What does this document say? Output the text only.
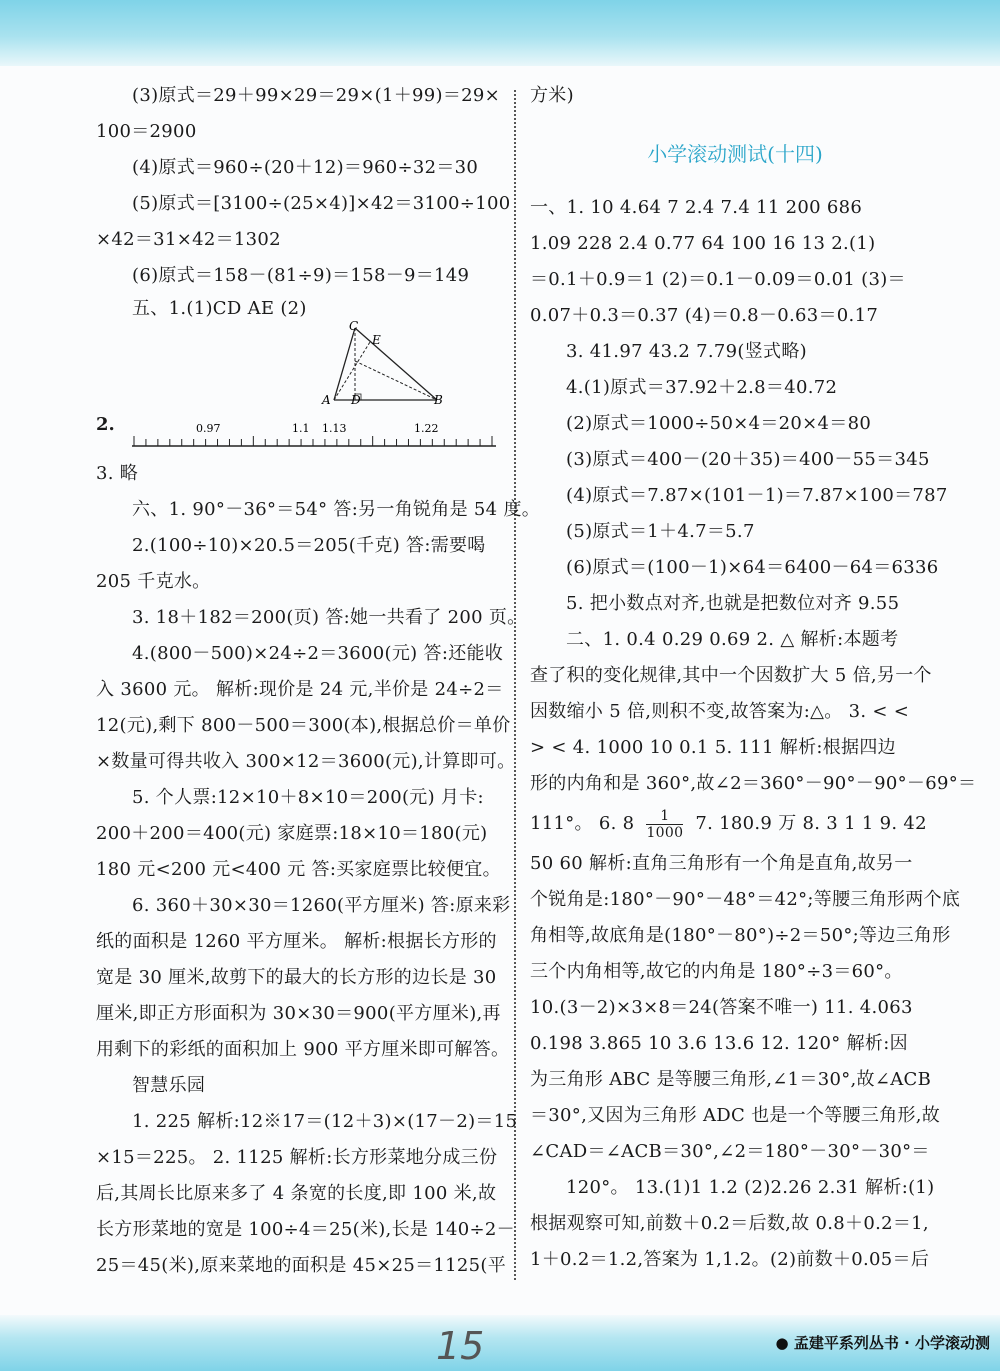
(3)原式＝29＋99×29＝29×(1＋99)＝29×
100＝2900
(4)原式＝960÷(20＋12)＝960÷32＝30
(5)原式＝[3100÷(25×4)]×42＝3100÷100
×42＝31×42＝1302
(6)原式＝158－(81÷9)＝158－9＝149
五、1.(1)CD AE (2)
C
E
A D	B
2.	0.97	1.1 1.13	1.22
3. 略
六、1. 90°－36°＝54° 答:另一角锐角是 54 度。
2.(100÷10)×20.5＝205(千克) 答:需要喝
205 千克水。
3. 18＋182＝200(页) 答:她一共看了 200 页。
4.(800－500)×24÷2＝3600(元) 答:还能收
入 3600 元。 解析:现价是 24 元,半价是 24÷2＝
12(元),剩下 800－500＝300(本),根据总价＝单价
×数量可得共收入 300×12＝3600(元),计算即可。
5. 个人票:12×10＋8×10＝200(元) 月卡:
200＋200＝400(元) 家庭票:18×10＝180(元)
180 元<200 元<400 元 答:买家庭票比较便宜。
6. 360＋30×30＝1260(平方厘米) 答:原来彩
纸的面积是 1260 平方厘米。 解析:根据长方形的
宽是 30 厘米,故剪下的最大的长方形的边长是 30
厘米,即正方形面积为 30×30＝900(平方厘米),再
用剩下的彩纸的面积加上 900 平方厘米即可解答。
智慧乐园
1. 225 解析:12※17＝(12＋3)×(17－2)＝15
×15＝225。 2. 1125 解析:长方形菜地分成三份
后,其周长比原来多了 4 条宽的长度,即 100 米,故
长方形菜地的宽是 100÷4＝25(米),长是 140÷2－
25＝45(米),原来菜地的面积是 45×25＝1125(平
方米)
小学滚动测试(十四)
一、1. 10 4.64 7 2.4 7.4 11 200 686
1.09 228 2.4 0.77 64 100 16 13 2.(1)
＝0.1＋0.9＝1 (2)＝0.1－0.09＝0.01 (3)＝
0.07＋0.3＝0.37 (4)＝0.8－0.63＝0.17
3. 41.97 43.2 7.79(竖式略)
4.(1)原式＝37.92＋2.8＝40.72
(2)原式＝1000÷50×4＝20×4＝80
(3)原式＝400－(20＋35)＝400－55＝345
(4)原式＝7.87×(101－1)＝7.87×100＝787
(5)原式＝1＋4.7＝5.7
(6)原式＝(100－1)×64＝6400－64＝6336
5. 把小数点对齐,也就是把数位对齐 9.55
二、1. 0.4 0.29 0.69 2. △ 解析:本题考
查了积的变化规律,其中一个因数扩大 5 倍,另一个
因数缩小 5 倍,则积不变,故答案为:△。 3. < <
> < 4. 1000 10 0.1 5. 111 解析:根据四边
形的内角和是 360°,故∠2＝360°－90°－90°－69°＝
111°。 6. $8 \frac{1}{1000} 7$. 180.9 万 8. 3 1 1 9. 42
50 60 解析:直角三角形有一个角是直角,故另一
个锐角是:180°－90°－48°＝42°;等腰三角形两个底
角相等,故底角是(180°－80°)÷2＝50°;等边三角形
三个内角相等,故它的内角是 180°÷3＝60°。
10.(3－2)×3×8＝24(答案不唯一) 11. 4.063
0.198 3.865 10 3.6 13.6 12. 120° 解析:因
为三角形 ABC 是等腰三角形,∠1＝30°,故∠ACB
＝30°,又因为三角形 ADC 也是一个等腰三角形,故
∠CAD＝∠ACB＝30°,∠2＝180°－30°－30°＝
120°。 13.(1)1 1.2 (2)2.26 2.31 解析:(1)
根据观察可知,前数＋0.2＝后数,故 0.8＋0.2＝1,
1＋0.2＝1.2,答案为 1,1.2。(2)前数＋0.05＝后
15	● 孟建平系列丛书 · 小学滚动测
